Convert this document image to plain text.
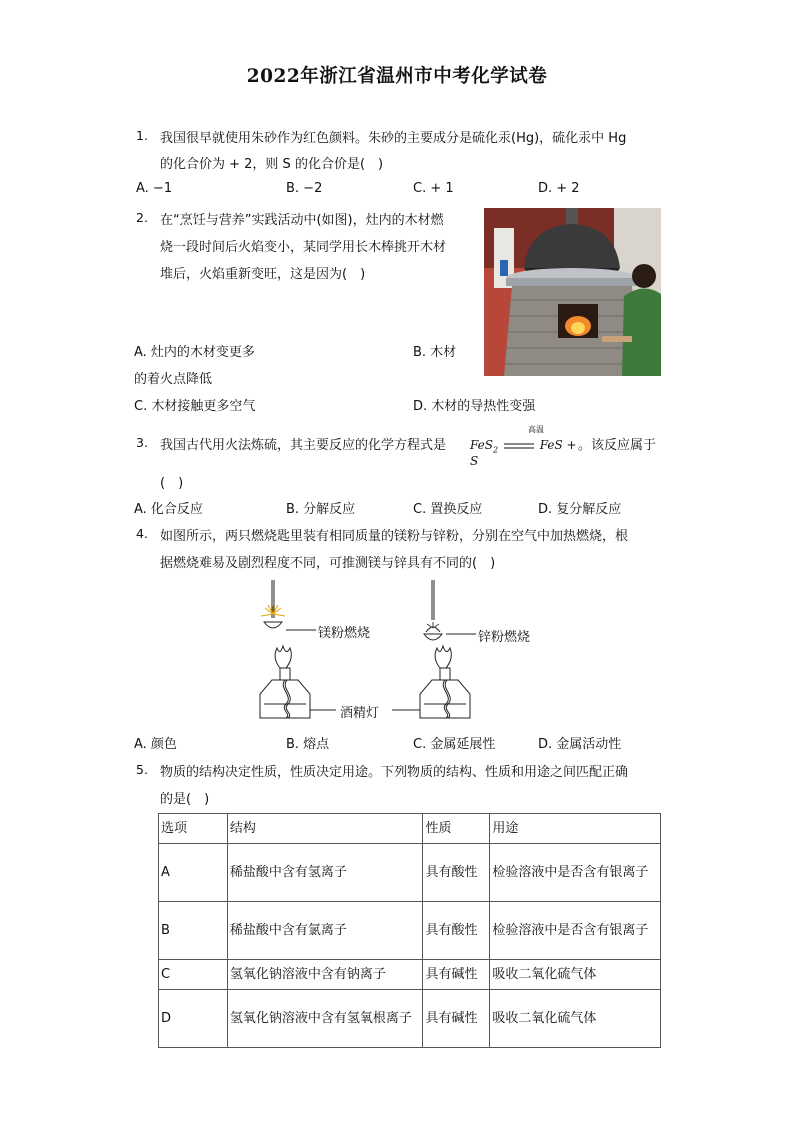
2022年浙江省温州市中考化学试卷
1. 我国很早就使用朱砂作为红色颜料。朱砂的主要成分是硫化汞(Hg)，硫化汞中 Hg
的化合价为 + 2，则 S 的化合价是(　)
A. −1	B. −2	C. + 1	D. + 2
2. 在“烹饪与营养”实践活动中(如图)，灶内的木材燃
烧一段时间后火焰变小，某同学用长木棒挑开木材
堆后，火焰重新变旺，这是因为(　)
A. 灶内的木材变更多	B. 木材
的着火点降低
C. 木材接触更多空气	D. 木材的导热性变强
3. 我国古代用火法炼硫，其主要反应的化学方程式是
高温
FeS$_2$	FeS + S
。该反应属于
(　)
A. 化合反应	B. 分解反应	C. 置换反应	D. 复分解反应
4. 如图所示，两只燃烧匙里装有相同质量的镁粉与锌粉，分别在空气中加热燃烧，根
据燃烧难易及剧烈程度不同，可推测镁与锌具有不同的(　)
镁粉燃烧	锌粉燃烧
酒精灯
A. 颜色	B. 熔点	C. 金属延展性	D. 金属活动性
5. 物质的结构决定性质，性质决定用途。下列物质的结构、性质和用途之间匹配正确
的是(　)
选项	结构	性质	用途
A	稀盐酸中含有氢离子	具有酸性	检验溶液中是否含有银离子
B	稀盐酸中含有氯离子	具有酸性	检验溶液中是否含有银离子
C	氢氧化钠溶液中含有钠离子	具有碱性	吸收二氧化硫气体
D	氢氧化钠溶液中含有氢氧根离子	具有碱性	吸收二氧化硫气体
